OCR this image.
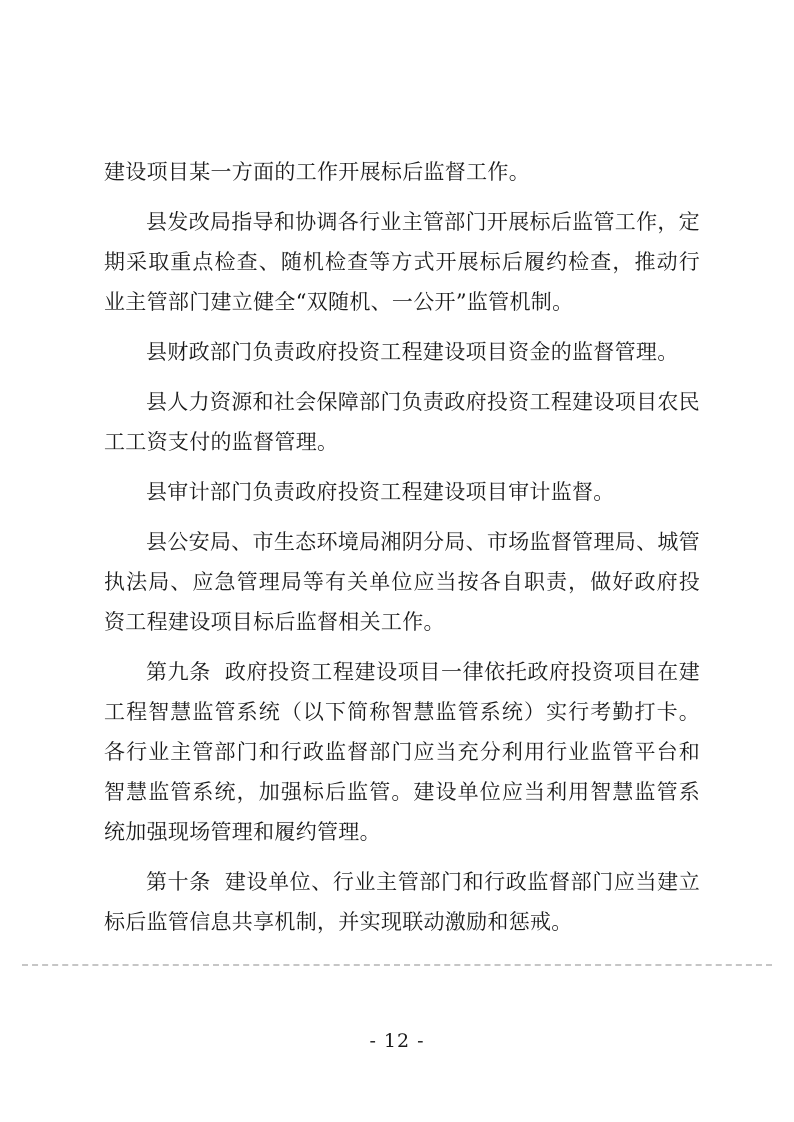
建设项目某一方面的工作开展标后监督工作。

县发改局指导和协调各行业主管部门开展标后监管工作，定期采取重点检查、随机检查等方式开展标后履约检查，推动行业主管部门建立健全“双随机、一公开”监管机制。

县财政部门负责政府投资工程建设项目资金的监督管理。

县人力资源和社会保障部门负责政府投资工程建设项目农民工工资支付的监督管理。

县审计部门负责政府投资工程建设项目审计监督。

县公安局、市生态环境局湘阴分局、市场监督管理局、城管执法局、应急管理局等有关单位应当按各自职责，做好政府投资工程建设项目标后监督相关工作。

第九条 政府投资工程建设项目一律依托政府投资项目在建工程智慧监管系统（以下简称智慧监管系统）实行考勤打卡。各行业主管部门和行政监督部门应当充分利用行业监管平台和智慧监管系统，加强标后监管。建设单位应当利用智慧监管系统加强现场管理和履约管理。

第十条 建设单位、行业主管部门和行政监督部门应当建立标后监管信息共享机制，并实现联动激励和惩戒。

- 12 -
